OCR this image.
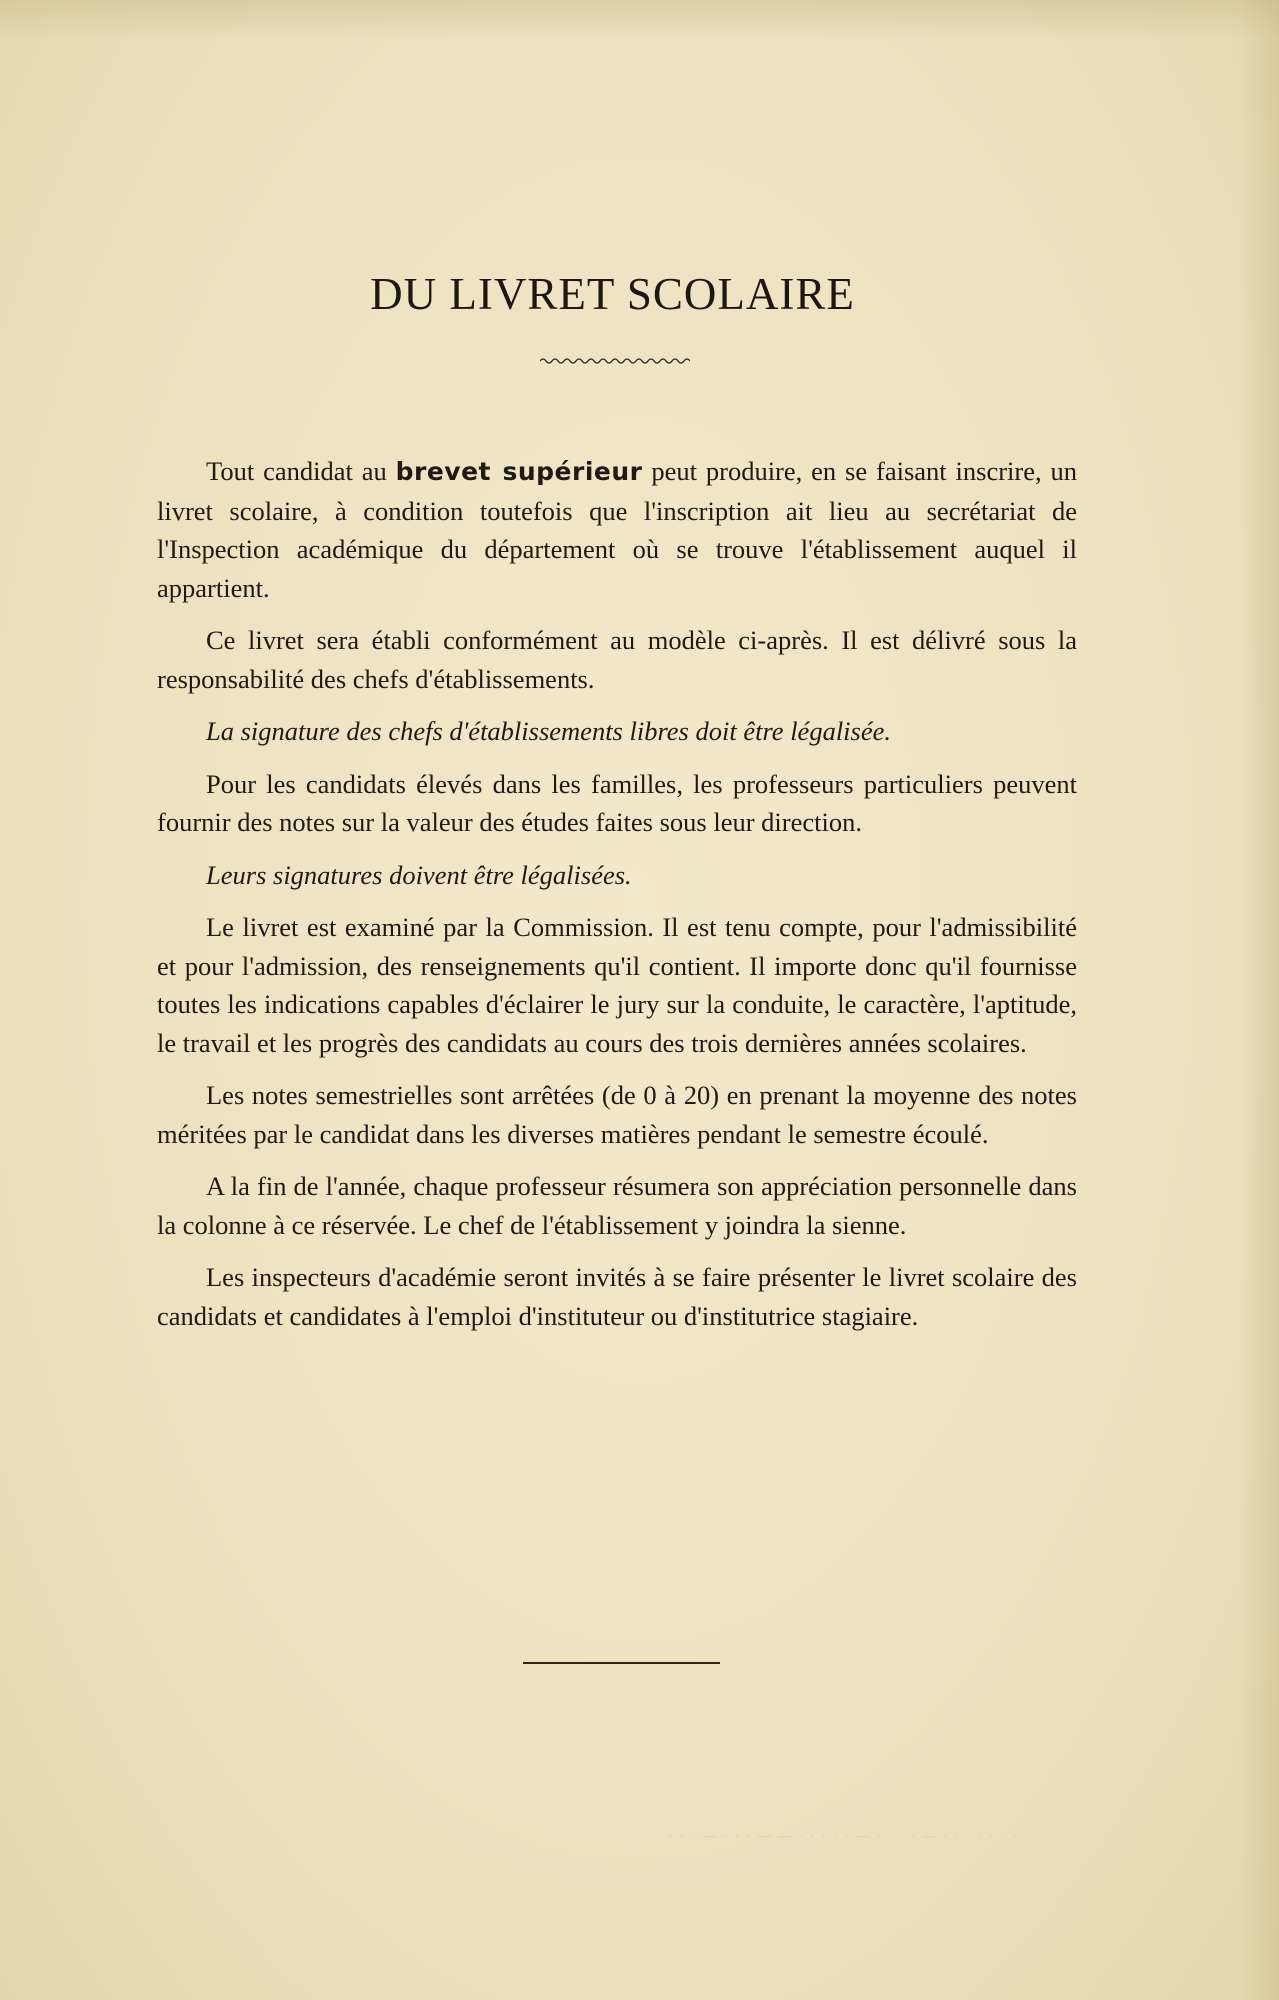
DU LIVRET SCOLAIRE

Tout candidat au brevet supérieur peut produire, en se faisant inscrire, un livret scolaire, à condition toutefois que l'inscription ait lieu au secrétariat de l'Inspection académique du département où se trouve l'établissement auquel il appartient.

Ce livret sera établi conformément au modèle ci-après. Il est délivré sous la responsabilité des chefs d'établissements.

La signature des chefs d'établissements libres doit être légalisée.

Pour les candidats élevés dans les familles, les professeurs particuliers peuvent fournir des notes sur la valeur des études faites sous leur direction.

Leurs signatures doivent être légalisées.

Le livret est examiné par la Commission. Il est tenu compte, pour l'admissibilité et pour l'admission, des renseignements qu'il contient. Il importe donc qu'il fournisse toutes les indications capables d'éclairer le jury sur la conduite, le caractère, l'aptitude, le travail et les progrès des candidats au cours des trois dernières années scolaires.

Les notes semestrielles sont arrêtées (de 0 à 20) en prenant la moyenne des notes méritées par le candidat dans les diverses matières pendant le semestre écoulé.

A la fin de l'année, chaque professeur résumera son appréciation personnelle dans la colonne à ce réservée. Le chef de l'établissement y joindra la sienne.

Les inspecteurs d'académie seront invités à se faire présenter le livret scolaire des candidats et candidates à l'emploi d'instituteur ou d'institutrice stagiaire.

· · · — · · · — — · · · · · — · · · · — · · · · · · ·
